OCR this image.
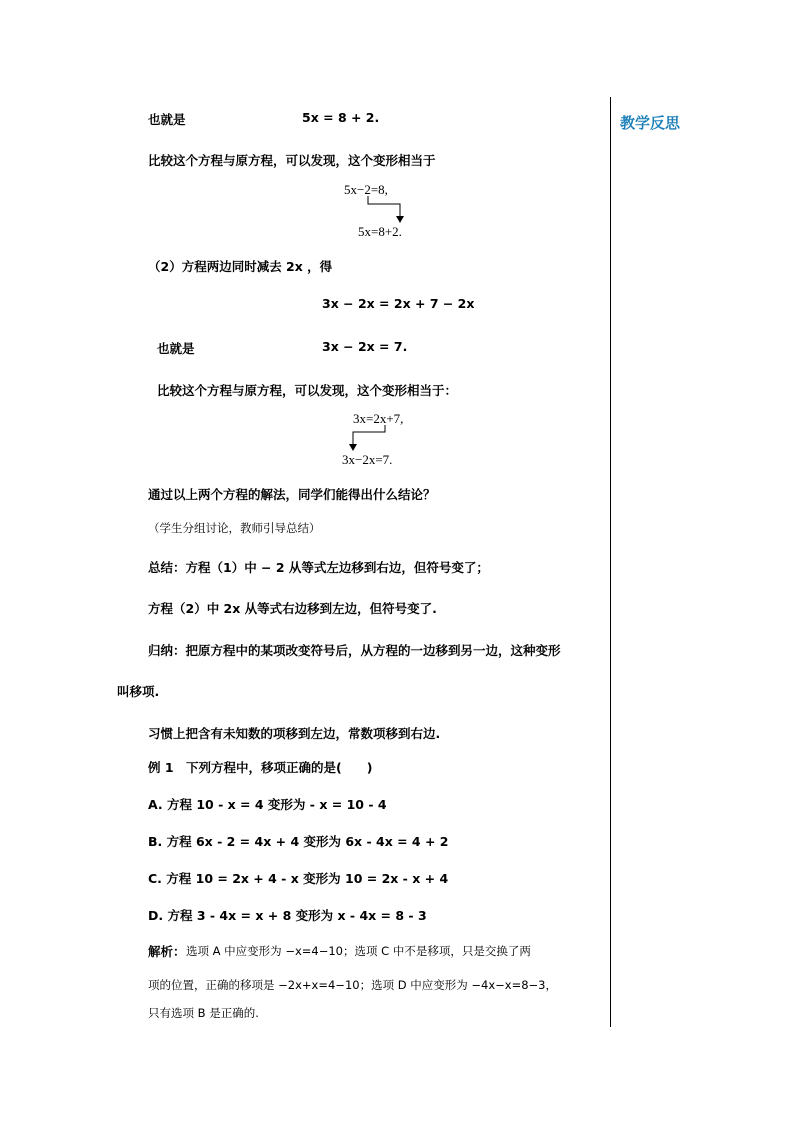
教学反思
也就是	5x = 8 + 2.
比较这个方程与原方程，可以发现，这个变形相当于
5x−2=8,
5x=8+2.
（2）方程两边同时减去 2x ，得
3x − 2x = 2x + 7 − 2x
也就是	3x − 2x = 7.
比较这个方程与原方程，可以发现，这个变形相当于：
3x=2x+7,
3x−2x=7.
通过以上两个方程的解法，同学们能得出什么结论？
（学生分组讨论，教师引导总结）
总结：方程（1）中 − 2 从等式左边移到右边，但符号变了；
方程（2）中 2x 从等式右边移到左边，但符号变了.
归纳：把原方程中的某项改变符号后，从方程的一边移到另一边，这种变形
叫移项.
习惯上把含有未知数的项移到左边，常数项移到右边.
例 1　下列方程中，移项正确的是(　　)
A. 方程 10 - x = 4 变形为 - x = 10 - 4
B. 方程 6x - 2 = 4x + 4 变形为 6x - 4x = 4 + 2
C. 方程 10 = 2x + 4 - x 变形为 10 = 2x - x + 4
D. 方程 3 - 4x = x + 8 变形为 x - 4x = 8 - 3
解析： 选项 A 中应变形为 −x=4−10；选项 C 中不是移项，只是交换了两
项的位置，正确的移项是 −2x+x=4−10；选项 D 中应变形为 −4x−x=8−3，
只有选项 B 是正确的.
